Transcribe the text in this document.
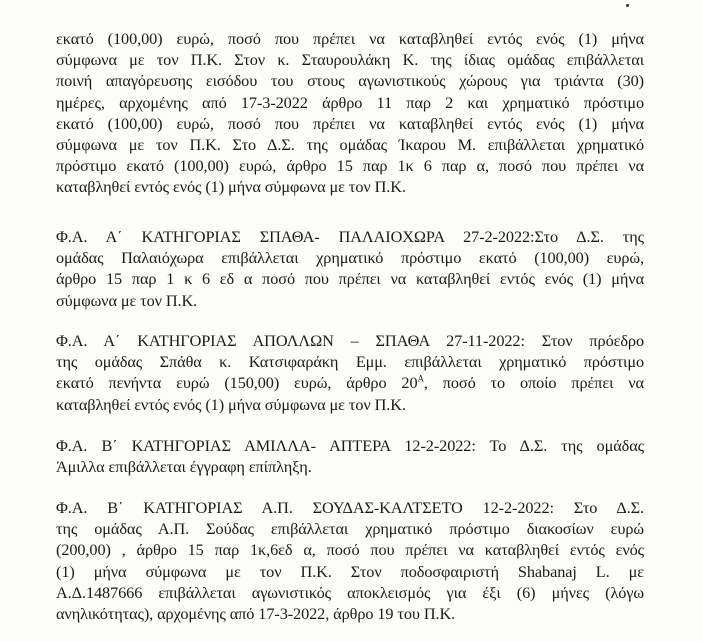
εκατό (100,00) ευρώ, ποσό που πρέπει να καταβληθεί εντός ενός (1) μήνα
σύμφωνα με τον Π.Κ. Στον κ. Σταυρουλάκη Κ. της ίδιας ομάδας επιβάλλεται
ποινή απαγόρευσης εισόδου του στους αγωνιστικούς χώρους για τριάντα (30)
ημέρες, αρχομένης από 17-3-2022 άρθρο 11 παρ 2 και χρηματικό πρόστιμο
εκατό (100,00) ευρώ, ποσό που πρέπει να καταβληθεί εντός ενός (1) μήνα
σύμφωνα με τον Π.Κ. Στο Δ.Σ. της ομάδας Ίκαρου Μ. επιβάλλεται χρηματικό
πρόστιμο εκατό (100,00) ευρώ, άρθρο 15 παρ 1κ 6 παρ α, ποσό που πρέπει να
καταβληθεί εντός ενός (1) μήνα σύμφωνα με τον Π.Κ.
Φ.Α. Α΄ ΚΑΤΗΓΟΡΙΑΣ ΣΠΑΘΑ- ΠΑΛΑΙΟΧΩΡΑ 27-2-2022:Στο Δ.Σ. της
ομάδας Παλαιόχωρα επιβάλλεται χρηματικό πρόστιμο εκατό (100,00) ευρώ,
άρθρο 15 παρ 1 κ 6 εδ α ποσό που πρέπει να καταβληθεί εντός ενός (1) μήνα
σύμφωνα με τον Π.Κ.
Φ.Α. Α΄ ΚΑΤΗΓΟΡΙΑΣ ΑΠΟΛΛΩΝ – ΣΠΑΘΑ 27-11-2022: Στον πρόεδρο
της ομάδας Σπάθα κ. Κατσιφαράκη Εμμ. επιβάλλεται χρηματικό πρόστιμο
εκατό πενήντα ευρώ (150,00) ευρώ, άρθρο $20^A$, ποσό το οποίο πρέπει να
καταβληθεί εντός ενός (1) μήνα σύμφωνα με τον Π.Κ.
Φ.Α. Β΄ ΚΑΤΗΓΟΡΙΑΣ ΑΜΙΛΛΑ- ΑΠΤΕΡΑ 12-2-2022: Το Δ.Σ. της ομάδας
Άμιλλα επιβάλλεται έγγραφη επίπληξη.
Φ.Α. Β΄ ΚΑΤΗΓΟΡΙΑΣ Α.Π. ΣΟΥΔΑΣ-ΚΑΛΤΣΕΤΟ 12-2-2022: Στο Δ.Σ.
της ομάδας Α.Π. Σούδας επιβάλλεται χρηματικό πρόστιμο διακοσίων ευρώ
(200,00) , άρθρο 15 παρ 1κ,6εδ α, ποσό που πρέπει να καταβληθεί εντός ενός
(1) μήνα σύμφωνα με τον Π.Κ. Στον ποδοσφαιριστή Shabanaj L. με
Α.Δ.1487666 επιβάλλεται αγωνιστικός αποκλεισμός για έξι (6) μήνες (λόγω
ανηλικότητας), αρχομένης από 17-3-2022, άρθρο 19 του Π.Κ.
